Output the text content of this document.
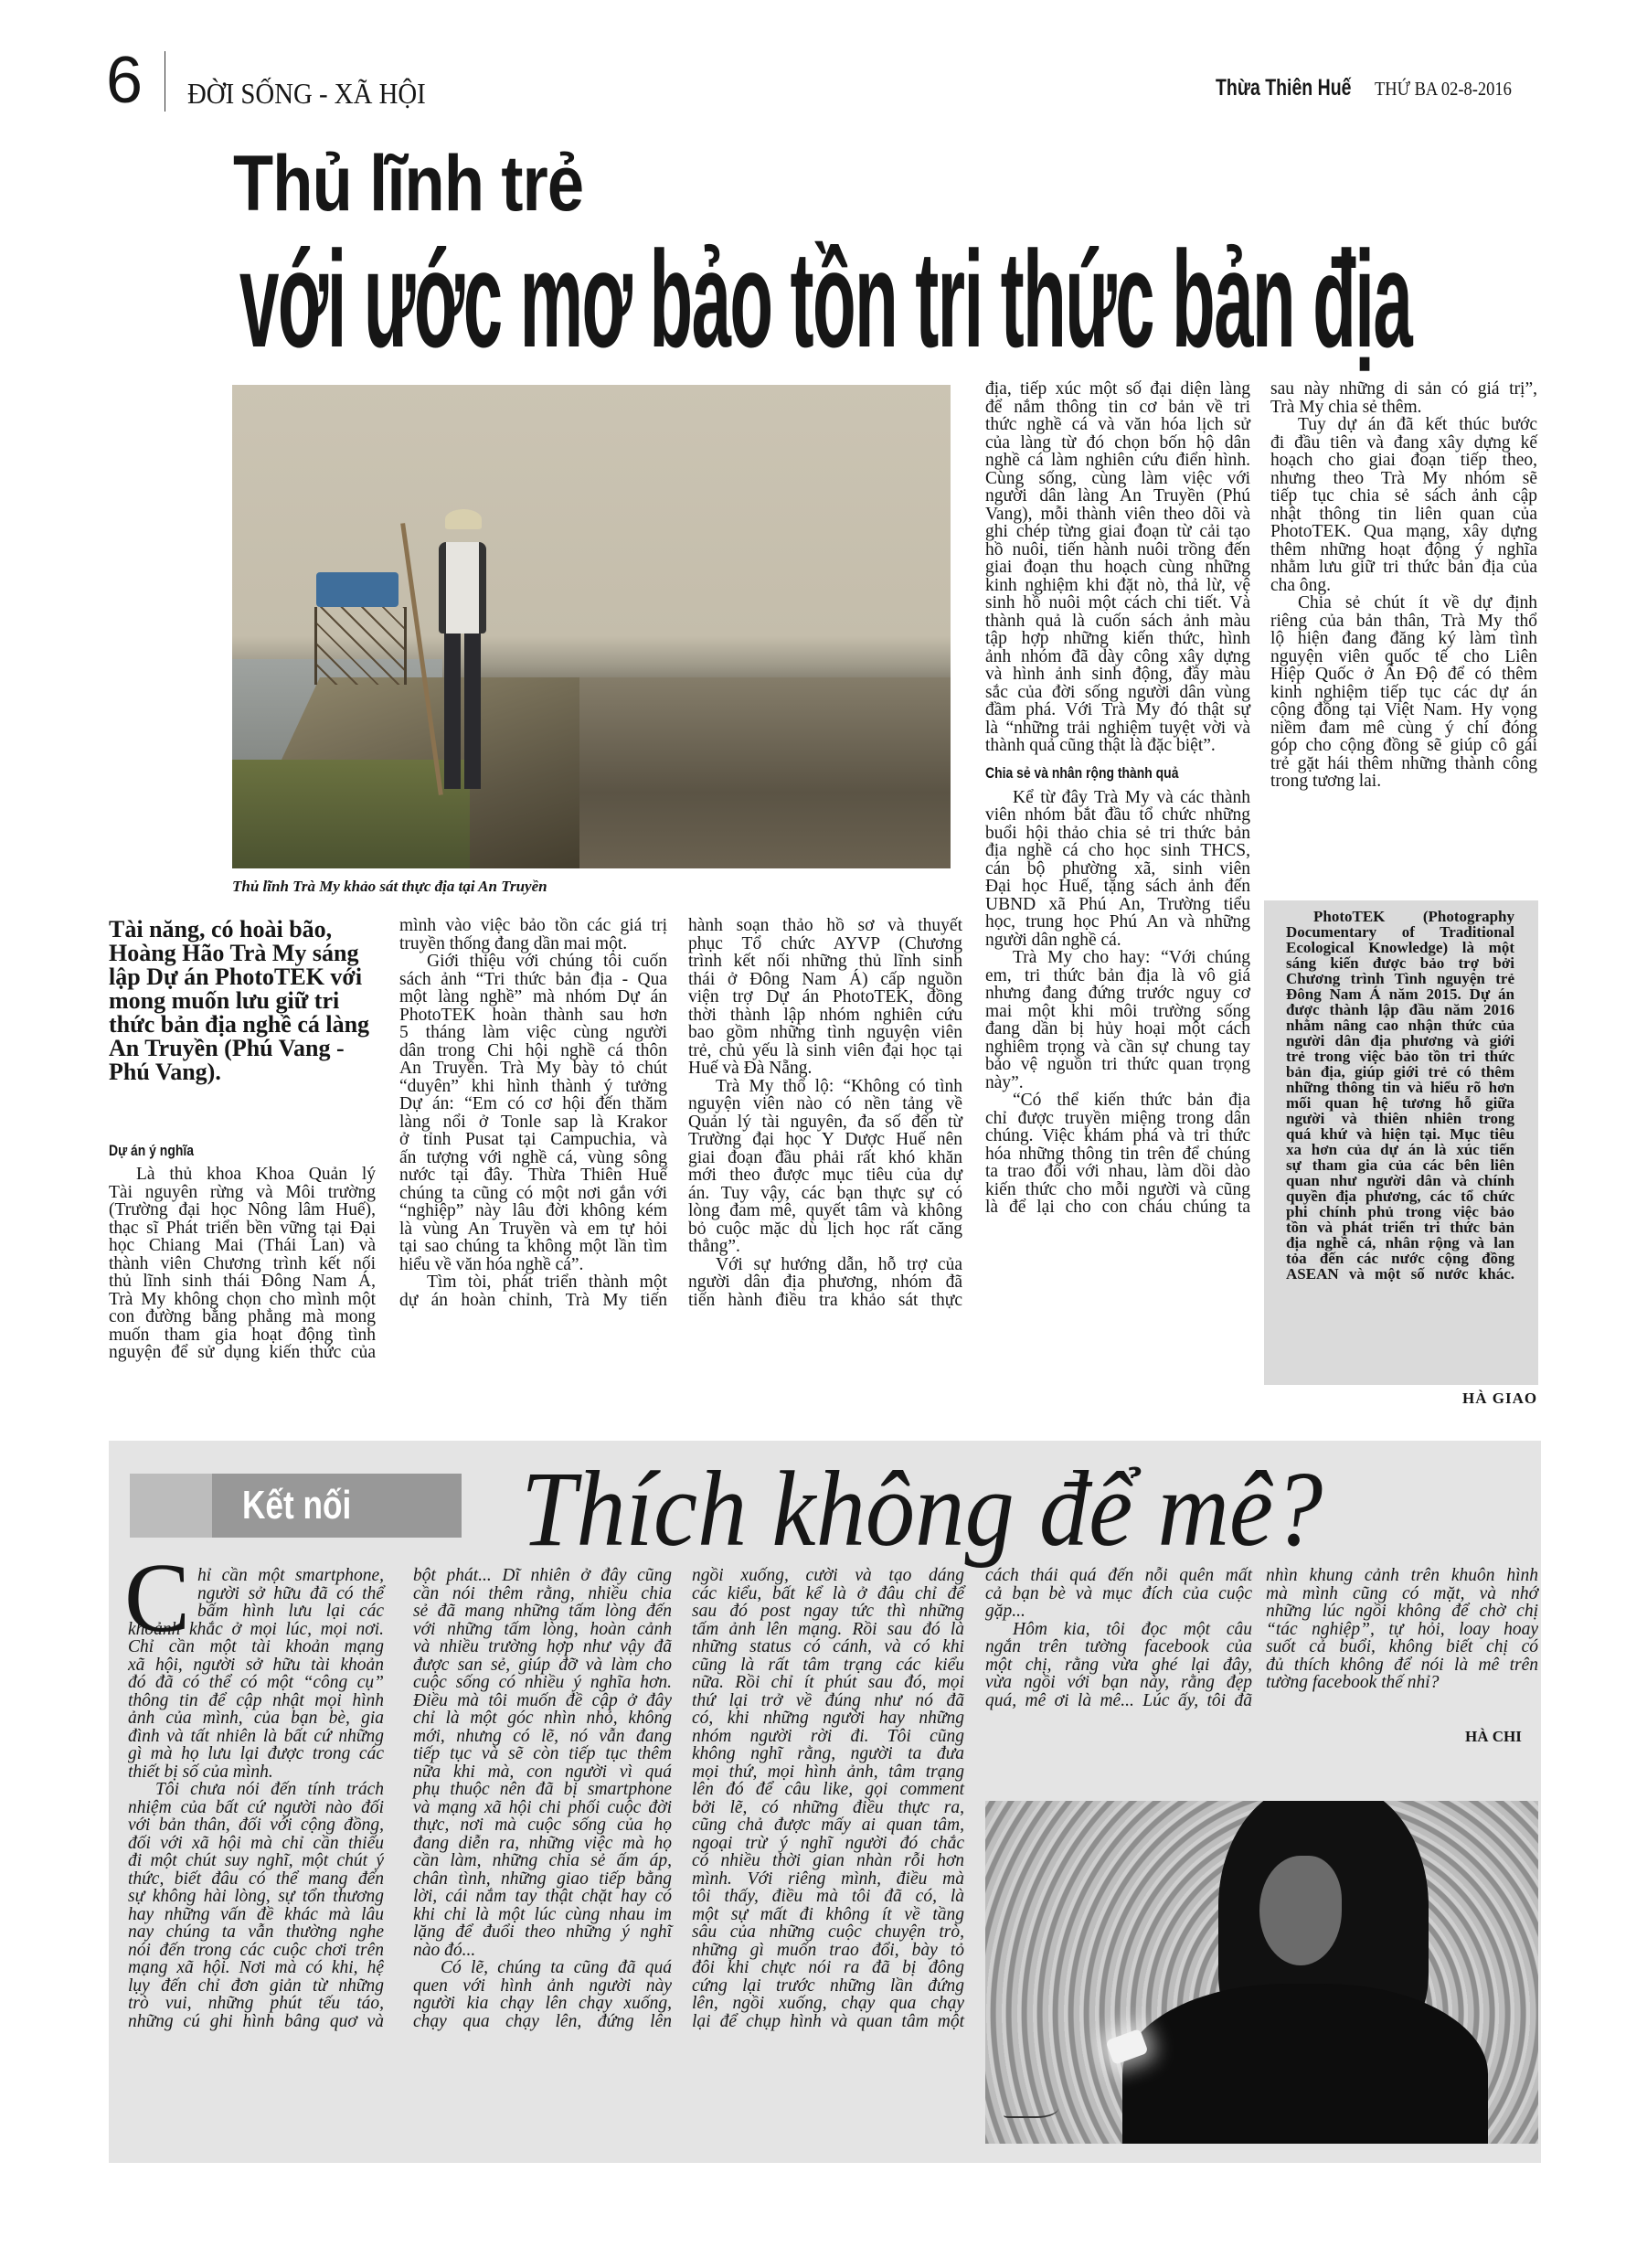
6 ĐỜI SỐNG - XÃ HỘI	Thừa Thiên Huế THỨ BA 02-8-2016
Thủ lĩnh trẻ
với ước mơ bảo tồn tri thức bản địa
Thủ lĩnh Trà My khảo sát thực địa tại An Truyền
Tài năng, có hoài bão,
Hoàng Hão Trà My sáng
lập Dự án PhotoTEK với
mong muốn lưu giữ tri
thức bản địa nghề cá làng
An Truyền (Phú Vang -
Phú Vang).
Dự án ý nghĩa
Là thủ khoa Khoa Quản lý
Tài nguyên rừng và Môi trường
(Trường đại học Nông lâm Huế),
thạc sĩ Phát triển bền vững tại Đại
học Chiang Mai (Thái Lan) và
thành viên Chương trình kết nối
thủ lĩnh sinh thái Đông Nam Á,
Trà My không chọn cho mình một
con đường bằng phẳng mà mong
muốn tham gia hoạt động tình
nguyện để sử dụng kiến thức của
mình vào việc bảo tồn các giá trị
truyền thống đang dần mai một.
Giới thiệu với chúng tôi cuốn
sách ảnh “Tri thức bản địa - Qua
một làng nghề” mà nhóm Dự án
PhotoTEK hoàn thành sau hơn
5 tháng làm việc cùng người
dân trong Chi hội nghề cá thôn
An Truyền. Trà My bày tỏ chút
“duyên” khi hình thành ý tưởng
Dự án: “Em có cơ hội đến thăm
làng nổi ở Tonle sap là Krakor
ở tỉnh Pusat tại Campuchia, và
ấn tượng với nghề cá, vùng sông
nước tại đây. Thừa Thiên Huế
chúng ta cũng có một nơi gắn với
“nghiệp” này lâu đời không kém
là vùng An Truyền và em tự hỏi
tại sao chúng ta không một lần tìm
hiểu về văn hóa nghề cá”.
Tìm tòi, phát triển thành một
dự án hoàn chỉnh, Trà My tiến
hành soạn thảo hồ sơ và thuyết
phục Tổ chức AYVP (Chương
trình kết nối những thủ lĩnh sinh
thái ở Đông Nam Á) cấp nguồn
viện trợ Dự án PhotoTEK, đồng
thời thành lập nhóm nghiên cứu
bao gồm những tình nguyện viên
trẻ, chủ yếu là sinh viên đại học tại
Huế và Đà Nẵng.
Trà My thổ lộ: “Không có tình
nguyện viên nào có nền tảng về
Quản lý tài nguyên, đa số đến từ
Trường đại học Y Dược Huế nên
giai đoạn đầu phải rất khó khăn
mới theo được mục tiêu của dự
án. Tuy vậy, các bạn thực sự có
lòng đam mê, quyết tâm và không
bỏ cuộc mặc dù lịch học rất căng
thẳng”.
Với sự hướng dẫn, hỗ trợ của
người dân địa phương, nhóm đã
tiến hành điều tra khảo sát thực
địa, tiếp xúc một số đại diện làng
để nắm thông tin cơ bản về tri
thức nghề cá và văn hóa lịch sử
của làng từ đó chọn bốn hộ dân
nghề cá làm nghiên cứu điển hình.
Cùng sống, cùng làm việc với
người dân làng An Truyền (Phú
Vang), mỗi thành viên theo dõi và
ghi chép từng giai đoạn từ cải tạo
hồ nuôi, tiến hành nuôi trồng đến
giai đoạn thu hoạch cùng những
kinh nghiệm khi đặt nò, thả lừ, vệ
sinh hồ nuôi một cách chi tiết. Và
thành quả là cuốn sách ảnh màu
tập hợp những kiến thức, hình
ảnh nhóm đã dày công xây dựng
và hình ảnh sinh động, đầy màu
sắc của đời sống người dân vùng
đầm phá. Với Trà My đó thật sự
là “những trải nghiệm tuyệt vời và
thành quả cũng thật là đặc biệt”.
Chia sẻ và nhân rộng thành quả
Kể từ đây Trà My và các thành
viên nhóm bắt đầu tổ chức những
buổi hội thảo chia sẻ tri thức bản
địa nghề cá cho học sinh THCS,
cán bộ phường xã, sinh viên
Đại học Huế, tặng sách ảnh đến
UBND xã Phú An, Trường tiểu
học, trung học Phú An và những
người dân nghề cá.
Trà My cho hay: “Với chúng
em, tri thức bản địa là vô giá
nhưng đang đứng trước nguy cơ
mai một khi môi trường sống
đang dần bị hủy hoại một cách
nghiêm trọng và cần sự chung tay
bảo vệ nguồn tri thức quan trọng
này”.
“Có thể kiến thức bản địa
chỉ được truyền miệng trong dân
chúng. Việc khám phá và tri thức
hóa những thông tin trên để chúng
ta trao đổi với nhau, làm dồi dào
kiến thức cho mỗi người và cũng
là để lại cho con cháu chúng ta
sau này những di sản có giá trị”,
Trà My chia sẻ thêm.
Tuy dự án đã kết thúc bước
đi đầu tiên và đang xây dựng kế
hoạch cho giai đoạn tiếp theo,
nhưng theo Trà My nhóm sẽ
tiếp tục chia sẻ sách ảnh cập
nhật thông tin liên quan của
PhotoTEK. Qua mạng, xây dựng
thêm những hoạt động ý nghĩa
nhằm lưu giữ tri thức bản địa của
cha ông.
Chia sẻ chút ít về dự định
riêng của bản thân, Trà My thổ
lộ hiện đang đăng ký làm tình
nguyện viên quốc tế cho Liên
Hiệp Quốc ở Ấn Độ để có thêm
kinh nghiệm tiếp tục các dự án
cộng đồng tại Việt Nam. Hy vọng
niềm đam mê cùng ý chí đóng
góp cho cộng đồng sẽ giúp cô gái
trẻ gặt hái thêm những thành công
trong tương lai.
PhotoTEK (Photography
Documentary of Traditional
Ecological Knowledge) là một
sáng kiến được bảo trợ bởi
Chương trình Tình nguyện trẻ
Đông Nam Á năm 2015. Dự án
được thành lập đầu năm 2016
nhằm nâng cao nhận thức của
người dân địa phương và giới
trẻ trong việc bảo tồn tri thức
bản địa, giúp giới trẻ có thêm
những thông tin và hiểu rõ hơn
mối quan hệ tương hỗ giữa
người và thiên nhiên trong
quá khứ và hiện tại. Mục tiêu
xa hơn của dự án là xúc tiến
sự tham gia của các bên liên
quan như người dân và chính
quyền địa phương, các tổ chức
phi chính phủ trong việc bảo
tồn và phát triển tri thức bản
địa nghề cá, nhân rộng và lan
tỏa đến các nước cộng đồng
ASEAN và một số nước khác.
HÀ GIAO
Kết nối Thích không để mê?
C hỉ cần một smartphone,
người sở hữu đã có thể
bấm hình lưu lại các
khoảnh khắc ở mọi lúc, mọi nơi.
Chỉ cần một tài khoản mạng
xã hội, người sở hữu tài khoản
đó đã có thể có một “công cụ”
thông tin để cập nhật mọi hình
ảnh của mình, của bạn bè, gia
đình và tất nhiên là bất cứ những
gì mà họ lưu lại được trong các
thiết bị số của mình.
Tôi chưa nói đến tính trách
nhiệm của bất cứ người nào đối
với bản thân, đối với cộng đồng,
đối với xã hội mà chỉ cần thiếu
đi một chút suy nghĩ, một chút ý
thức, biết đâu có thể mang đến
sự không hài lòng, sự tổn thương
hay những vấn đề khác mà lâu
nay chúng ta vẫn thường nghe
nói đến trong các cuộc chơi trên
mạng xã hội. Nơi mà có khi, hệ
lụy đến chỉ đơn giản từ những
trò vui, những phút tếu táo,
những cú ghi hình bâng quơ và
bột phát... Dĩ nhiên ở đây cũng
cần nói thêm rằng, nhiều chia
sẻ đã mang những tấm lòng đến
với những tấm lòng, hoàn cảnh
và nhiều trường hợp như vậy đã
được san sẻ, giúp đỡ và làm cho
cuộc sống có nhiều ý nghĩa hơn.
Điều mà tôi muốn đề cập ở đây
chỉ là một góc nhìn nhỏ, không
mới, nhưng có lẽ, nó vẫn đang
tiếp tục và sẽ còn tiếp tục thêm
nữa khi mà, con người vì quá
phụ thuộc nên đã bị smartphone
và mạng xã hội chi phối cuộc đời
thực, nơi mà cuộc sống của họ
đang diễn ra, những việc mà họ
cần làm, những chia sẻ ấm áp,
chân tình, những giao tiếp bằng
lời, cái nắm tay thật chặt hay có
khi chỉ là một lúc cùng nhau im
lặng để đuổi theo những ý nghĩ
nào đó...
Có lẽ, chúng ta cũng đã quá
quen với hình ảnh người này
người kia chạy lên chạy xuống,
chạy qua chạy lên, đứng lên
ngồi xuống, cười và tạo dáng
các kiểu, bất kể là ở đâu chỉ để
sau đó post ngay tức thì những
tấm ảnh lên mạng. Rồi sau đó là
những status có cánh, và có khi
cũng là rất tâm trạng các kiểu
nữa. Rồi chỉ ít phút sau đó, mọi
thứ lại trở về đúng như nó đã
có, khi những người hay những
nhóm người rời đi. Tôi cũng
không nghĩ rằng, người ta đưa
mọi thứ, mọi hình ảnh, tâm trạng
lên đó để câu like, gọi comment
bởi lẽ, có những điều thực ra,
cũng chả được mấy ai quan tâm,
ngoại trừ ý nghĩ người đó chắc
có nhiều thời gian nhàn rỗi hơn
mình. Với riêng mình, điều mà
tôi thấy, điều mà tôi đã có, là
một sự mất đi không ít về tầng
sâu của những cuộc chuyện trò,
những gì muốn trao đổi, bày tỏ
đôi khi chực nói ra đã bị đông
cứng lại trước những lần đứng
lên, ngồi xuống, chạy qua chạy
lại để chụp hình và quan tâm một
cách thái quá đến nỗi quên mất
cả bạn bè và mục đích của cuộc
gặp...
Hôm kia, tôi đọc một câu
ngắn trên tường facebook của
một chị, rằng vừa ghé lại đây,
vừa ngồi với bạn này, rằng đẹp
quá, mê ơi là mê... Lúc ấy, tôi đã
nhìn khung cảnh trên khuôn hình
mà mình cũng có mặt, và nhớ
những lúc ngồi không để chờ chị
“tác nghiệp”, tự hỏi, loay hoay
suốt cả buổi, không biết chị có
đủ thích không để nói là mê trên
tường facebook thế nhỉ?
HÀ CHI
